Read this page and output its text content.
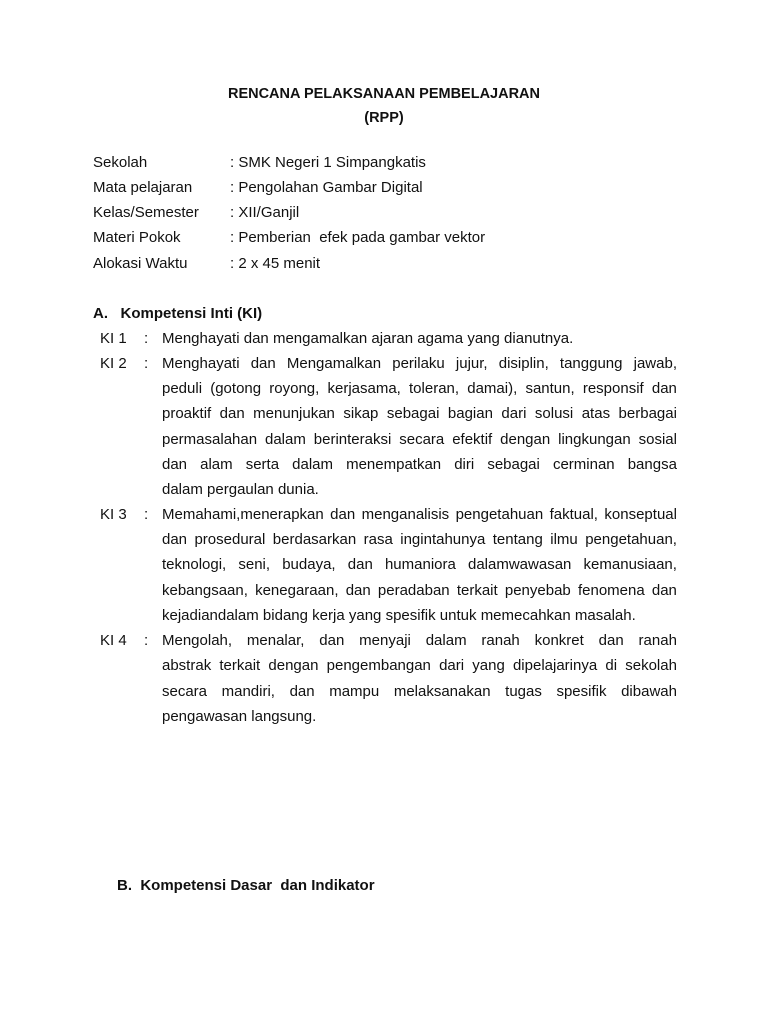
RENCANA PELAKSANAAN PEMBELAJARAN
(RPP)

Sekolah

	: SMK Negeri 1 Simpangkatis

Mata pelajaran

	: Pengolahan Gambar Digital

Kelas/Semester

: XII/Ganjil

Materi Pokok

	: Pemberian  efek pada gambar vektor

Alokasi Waktu

	: 2 x 45 menit

A.   Kompetensi Inti (KI)
KI 1 : Menghayati dan mengamalkan ajaran agama yang dianutnya.
KI 2 : Menghayati dan Mengamalkan perilaku jujur, disiplin, tanggung jawab,
peduli (gotong royong, kerjasama, toleran, damai), santun, responsif dan
proaktif dan menunjukan sikap sebagai bagian dari solusi atas berbagai
permasalahan dalam berinteraksi secara efektif dengan lingkungan sosial
dan alam serta dalam menempatkan diri sebagai cerminan bangsa
dalam pergaulan dunia.
KI 3 : Memahami,menerapkan dan menganalisis pengetahuan faktual, konseptual
dan prosedural berdasarkan rasa ingintahunya tentang ilmu pengetahuan,
teknologi, seni, budaya, dan humaniora dalamwawasan kemanusiaan,
kebangsaan, kenegaraan, dan peradaban terkait penyebab fenomena dan
kejadiandalam bidang kerja yang spesifik untuk memecahkan masalah.
KI 4 : Mengolah, menalar, dan menyaji dalam ranah konkret dan ranah
abstrak terkait dengan pengembangan dari yang dipelajarinya di sekolah
secara mandiri, dan mampu melaksanakan tugas spesifik dibawah
pengawasan langsung.
B.  Kompetensi Dasar  dan Indikator
